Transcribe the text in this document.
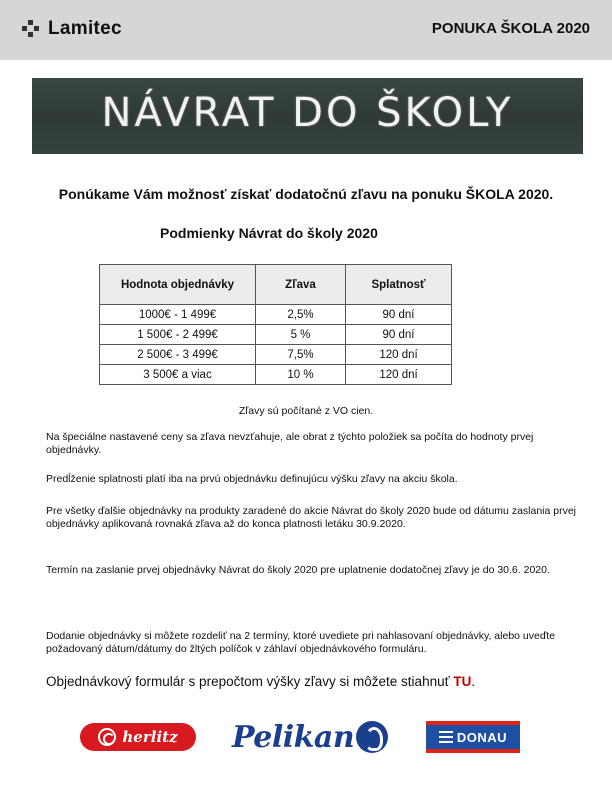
Lamitec	PONUKA ŠKOLA 2020
NÁVRAT DO ŠKOLY
Ponúkame Vám možnosť získať dodatočnú zľavu na ponuku ŠKOLA 2020.
Podmienky Návrat do školy 2020
Hodnota objednávky	Zľava	Splatnosť
1000€ - 1 499€	2,5%	90 dní
1 500€ - 2 499€	5 %	90 dní
2 500€ - 3 499€	7,5%	120 dní
3 500€ a viac	10 %	120 dní
Zľavy sú počítané z VO cien.
Na špeciálne nastavené ceny sa zľava nevzťahuje, ale obrat z týchto položiek sa počíta do hodnoty prvej objednávky.
Predĺženie splatnosti platí iba na prvú objednávku definujúcu výšku zľavy na akciu škola.
Pre všetky ďalšie objednávky na produkty zaradené do akcie Návrat do školy 2020 bude od dátumu zaslania prvej objednávky aplikovaná rovnaká zľava až do konca platnosti letáku 30.9.2020.
Termín na zaslanie prvej objednávky Návrat do školy 2020 pre uplatnenie dodatočnej zľavy je do 30.6. 2020.
Dodanie objednávky si môžete rozdeliť na 2 termíny, ktoré uvediete pri nahlasovaní objednávky, alebo uveďte požadovaný dátum/dátumy do žltých políčok v záhlaví objednávkového formuláru.
Objednávkový formulár s prepočtom výšky zľavy si môžete stiahnuť TU.
herlitz Pelikan	DONAU
